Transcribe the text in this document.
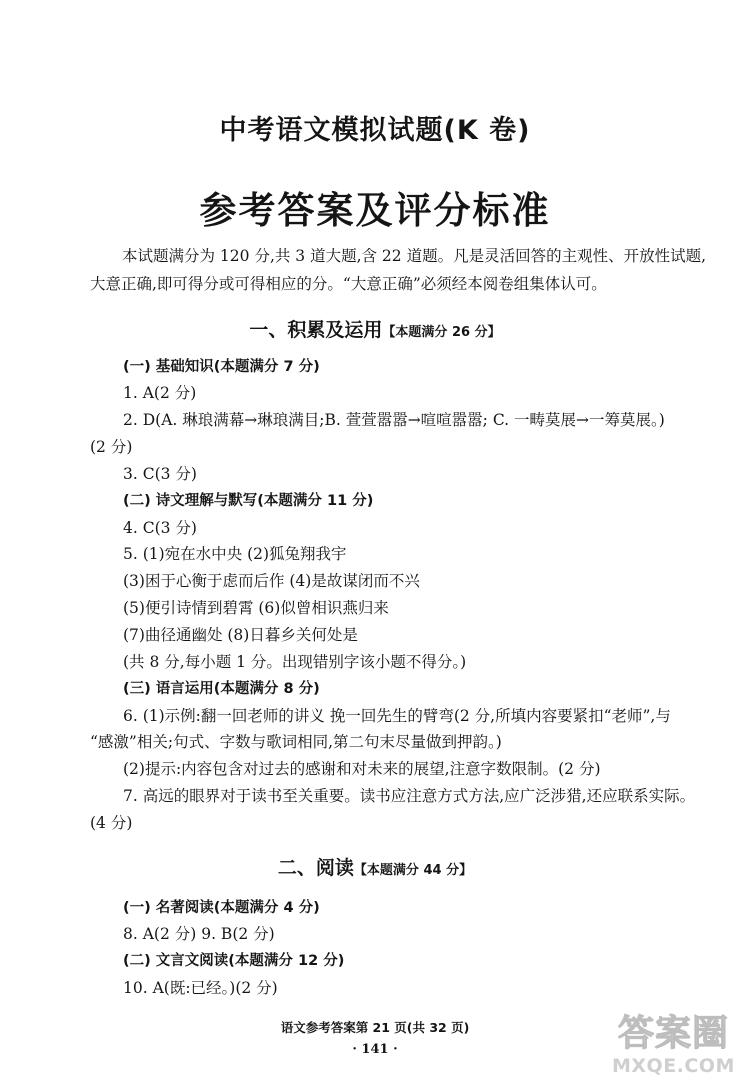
中考语文模拟试题(K 卷)
参考答案及评分标准
本试题满分为 120 分,共 3 道大题,含 22 道题。凡是灵活回答的主观性、开放性试题,大意正确,即可得分或可得相应的分。“大意正确”必须经本阅卷组集体认可。
一、积累及运用【本题满分 26 分】
(一) 基础知识(本题满分 7 分)
1. A(2 分)
2. D(A. 琳琅满幕→琳琅满目;B. 萱萱嚣嚣→喧喧嚣嚣; C. 一畴莫展→一筹莫展。)
(2 分)
3. C(3 分)
(二) 诗文理解与默写(本题满分 11 分)
4. C(3 分)
5. (1)宛在水中央 (2)狐兔翔我宇
(3)困于心衡于虑而后作 (4)是故谋闭而不兴
(5)便引诗情到碧霄 (6)似曾相识燕归来
(7)曲径通幽处 (8)日暮乡关何处是
(共 8 分,每小题 1 分。出现错别字该小题不得分。)
(三) 语言运用(本题满分 8 分)
6. (1)示例:翻一回老师的讲义 挽一回先生的臂弯(2 分,所填内容要紧扣“老师”,与
“感激”相关;句式、字数与歌词相同,第二句末尽量做到押韵。)
(2)提示:内容包含对过去的感谢和对未来的展望,注意字数限制。(2 分)
7. 高远的眼界对于读书至关重要。读书应注意方式方法,应广泛涉猎,还应联系实际。
(4 分)
二、阅读【本题满分 44 分】
(一) 名著阅读(本题满分 4 分)
8. A(2 分) 9. B(2 分)
(二) 文言文阅读(本题满分 12 分)
10. A(既:已经。)(2 分)
语文参考答案第 21 页(共 32 页)
· 141 ·	答案圈
MXQE.COM
